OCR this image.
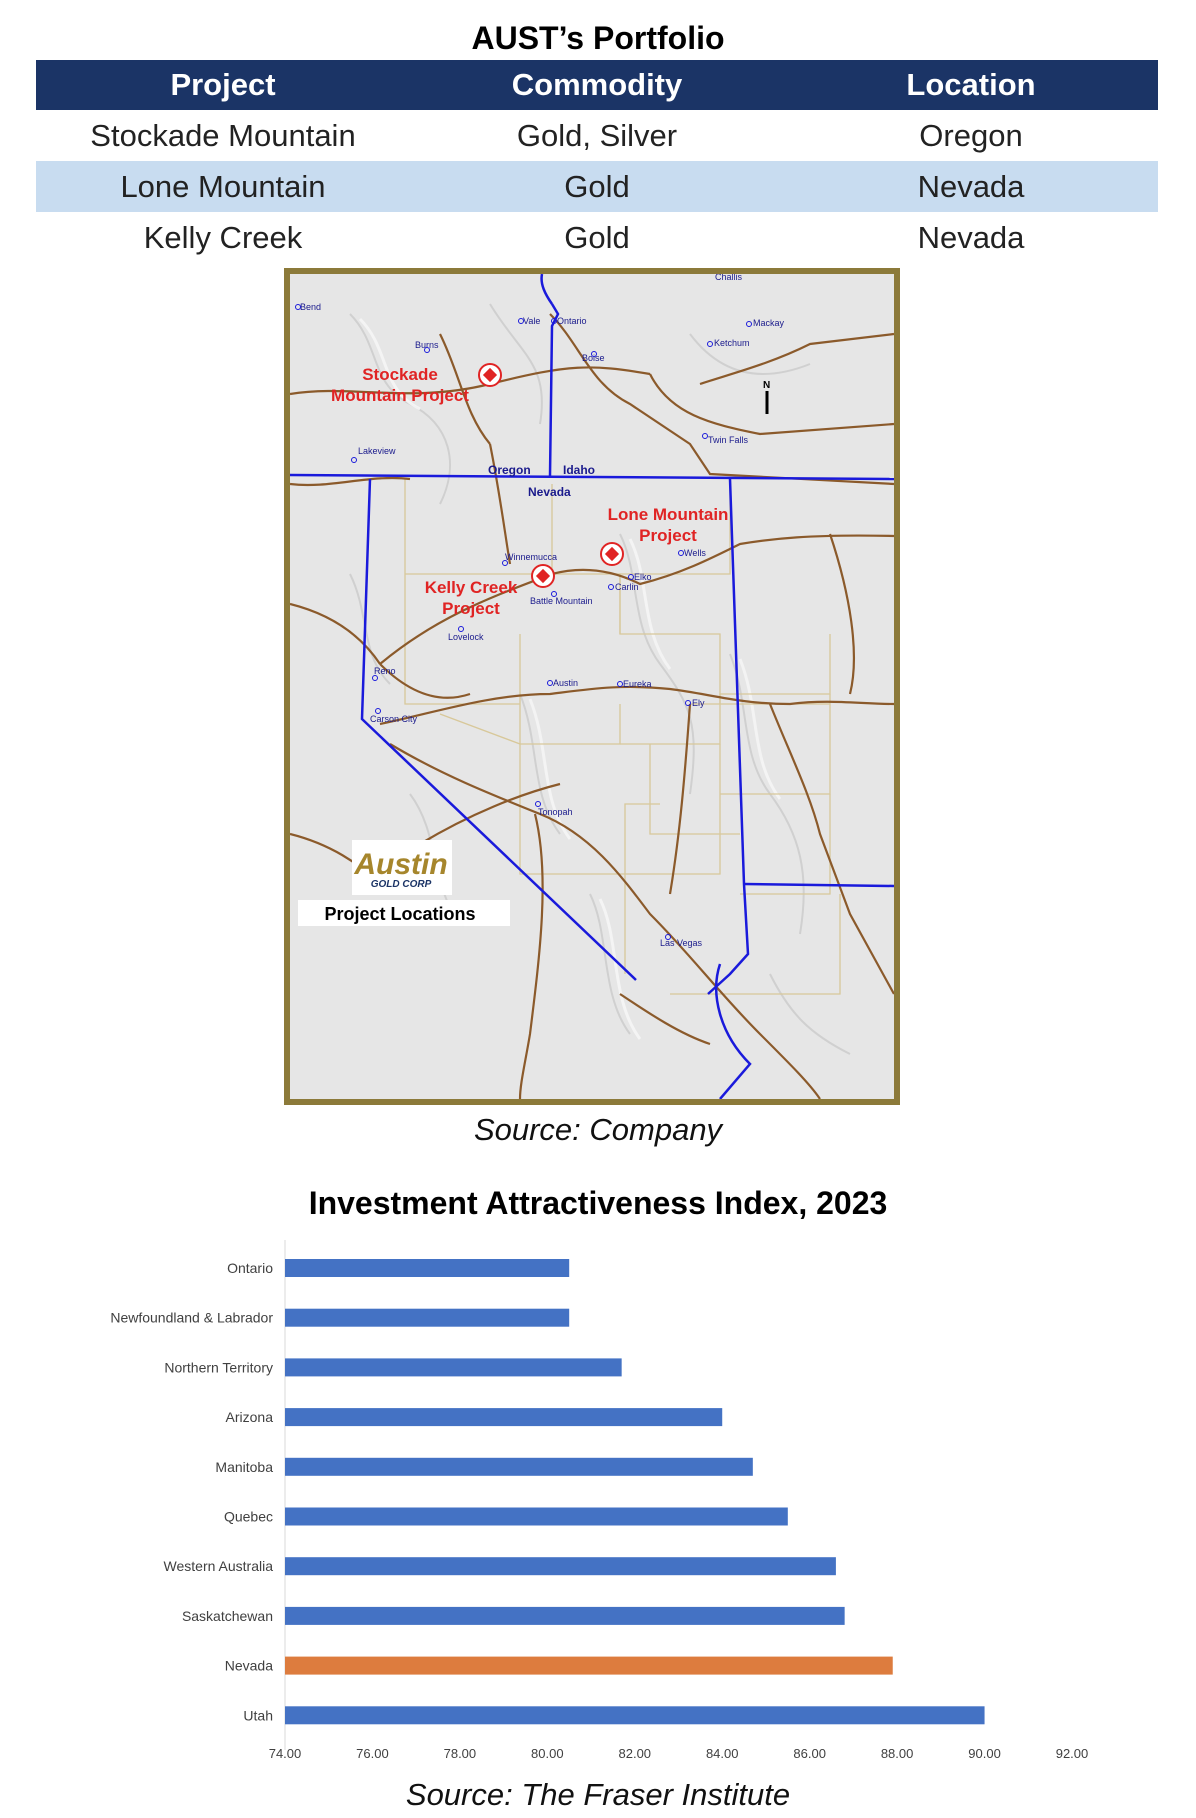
AUST’s Portfolio
Project	Commodity	Location
Stockade Mountain	Gold, Silver	Oregon
Lone Mountain	Gold	Nevada
Kelly Creek	Gold	Nevada
Challis
Bend
Vale Ontario	Mackay
Ketchum
Burns
Boise
Twin Falls
Lakeview
Winnemucca	Wells
Elko
Carlin
Battle Mountain
Lovelock
Reno
Austin	Eureka
Ely
Carson City
Tonopah
Las Vegas
Oregon	Idaho
Nevada
N
Stockade
Mountain Project
Lone Mountain
Project
Kelly Creek
Project
Austin
GOLD CORP
Project Locations
Source: Company
Investment Attractiveness Index, 2023
Ontario
Newfoundland & Labrador
Northern Territory
Arizona
Manitoba
Quebec
Western Australia
Saskatchewan
Nevada
Utah
74.00	76.00	78.00	80.00	82.00	84.00	86.00	88.00	90.00	92.00
Source: The Fraser Institute
